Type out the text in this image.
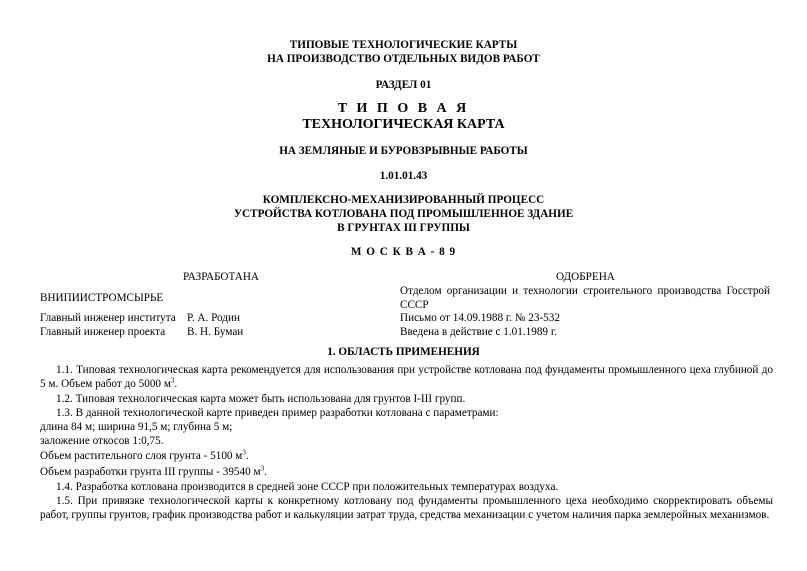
ТИПОВЫЕ ТЕХНОЛОГИЧЕСКИЕ КАРТЫ
НА ПРОИЗВОДСТВО ОТДЕЛЬНЫХ ВИДОВ РАБОТ
РАЗДЕЛ 01
Т И П О В А Я
ТЕХНОЛОГИЧЕСКАЯ КАРТА
НА ЗЕМЛЯНЫЕ И БУРОВЗРЫВНЫЕ РАБОТЫ
1.01.01.43
КОМПЛЕКСНО-МЕХАНИЗИРОВАННЫЙ ПРОЦЕСС
УСТРОЙСТВА КОТЛОВАНА ПОД ПРОМЫШЛЕННОЕ ЗДАНИЕ
В ГРУНТАХ III ГРУППЫ
М О С К В А - 8 9
РАЗРАБОТАНА
ВНИПИИСТРОМСЫРЬЕ
Главный инженер института Р. А. Родин
Главный инженер проекта В. Н. Буман
ОДОБРЕНА
Отделом организации и технологии строительного производства Госстрой СССР
Письмо от 14.09.1988 г. № 23-532
Введена в действие с 1.01.1989 г.
1. ОБЛАСТЬ ПРИМЕНЕНИЯ
1.1. Типовая технологическая карта рекомендуется для использования при устройстве котлована под фундаменты промышленного цеха глубиной до 5 м. Объем работ до 5000 $м^3$.
1.2. Типовая технологическая карта может быть использована для грунтов I-III групп.
1.3. В данной технологической карте приведен пример разработки котлована с параметрами:
длина 84 м; ширина 91,5 м; глубина 5 м;
заложение откосов 1:0,75.
Объем растительного слоя грунта - 5100 $м^3$.
Объем разработки грунта III группы - 39540 $м^3$.
1.4. Разработка котлована производится в средней зоне СССР при положительных температурах воздуха.
1.5. При привязке технологической карты к конкретному котловану под фундаменты промышленного цеха необходимо скорректировать объемы работ, группы грунтов, график производства работ и калькуляции затрат труда, средства механизации с учетом наличия парка землеройных механизмов.
